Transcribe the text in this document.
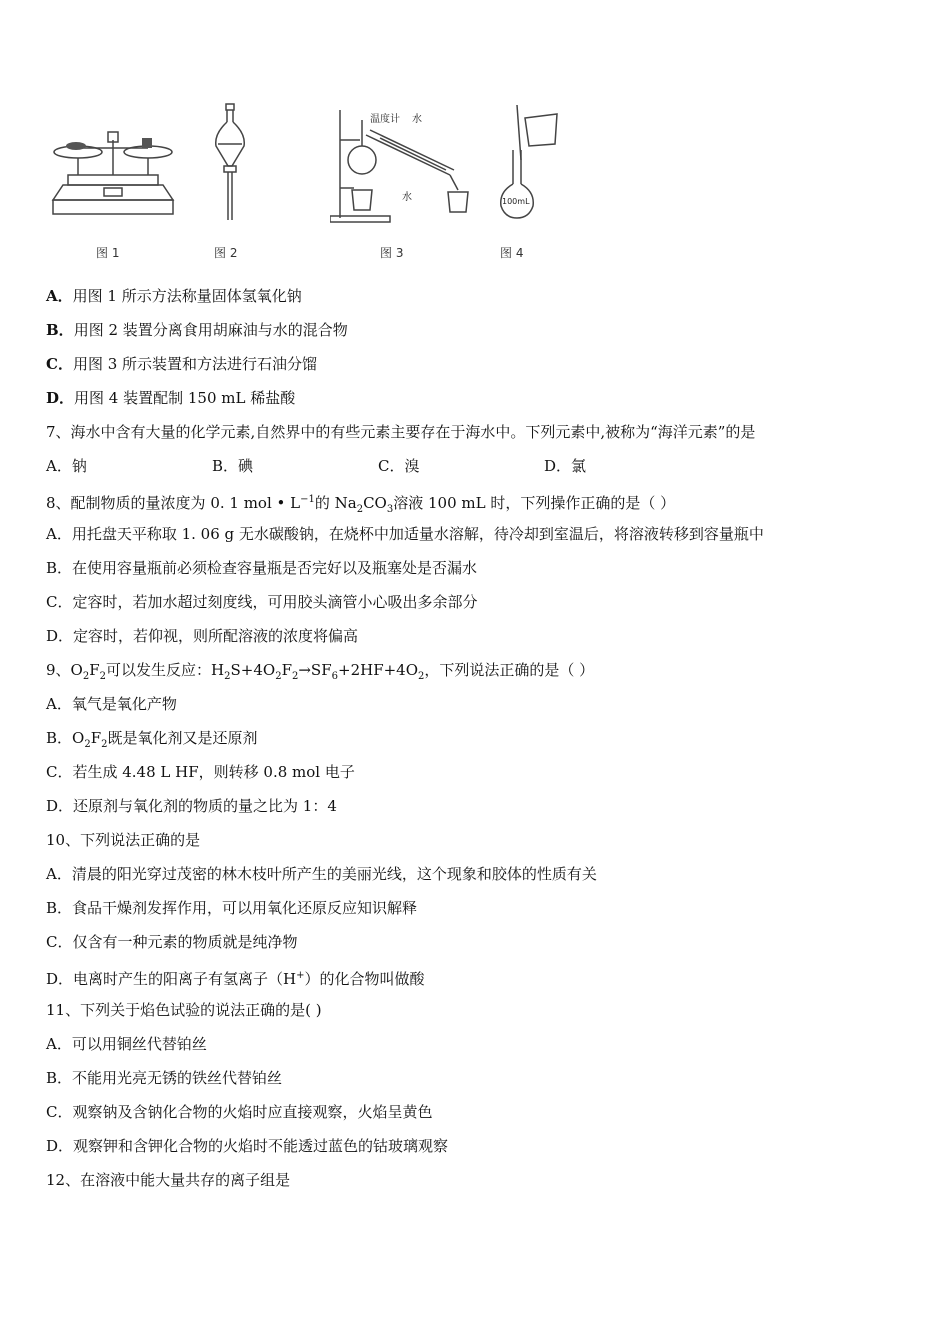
温度计 水
水	100mL
图 1	图 2	图 3	图 4
A．用图 1 所示方法称量固体氢氧化钠
B．用图 2 装置分离食用胡麻油与水的混合物
C．用图 3 所示装置和方法进行石油分馏
D．用图 4 装置配制 150 mL 稀盐酸
7、海水中含有大量的化学元素,自然界中的有些元素主要存在于海水中。下列元素中,被称为“海洋元素”的是
A．钠	B．碘	C．溴	D．氯
8、配制物质的量浓度为 0. 1 mol • $L^{-1}$的 $Na_2CO_3$溶液 100 mL 时，下列操作正确的是（ ）
A．用托盘天平称取 1. 06 g 无水碳酸钠，在烧杯中加适量水溶解，待冷却到室温后，将溶液转移到容量瓶中
B．在使用容量瓶前必须检查容量瓶是否完好以及瓶塞处是否漏水
C．定容时，若加水超过刻度线，可用胶头滴管小心吸出多余部分
D．定容时，若仰视，则所配溶液的浓度将偏高
9、$O_2F_2$可以发生反应：$H_2S+4O_2F_2\to SF_6+2HF+4O_2$，下列说法正确的是（ ）
A．氧气是氧化产物
B．$O_2F_2$既是氧化剂又是还原剂
C．若生成 4.48 L HF，则转移 0.8 mol 电子
D．还原剂与氧化剂的物质的量之比为 1：4
10、下列说法正确的是
A．清晨的阳光穿过茂密的林木枝叶所产生的美丽光线，这个现象和胶体的性质有关
B．食品干燥剂发挥作用，可以用氧化还原反应知识解释
C．仅含有一种元素的物质就是纯净物
D．电离时产生的阳离子有氢离子（H+）的化合物叫做酸
11、下列关于焰色试验的说法正确的是( )
A．可以用铜丝代替铂丝
B．不能用光亮无锈的铁丝代替铂丝
C．观察钠及含钠化合物的火焰时应直接观察，火焰呈黄色
D．观察钾和含钾化合物的火焰时不能透过蓝色的钴玻璃观察
12、在溶液中能大量共存的离子组是
